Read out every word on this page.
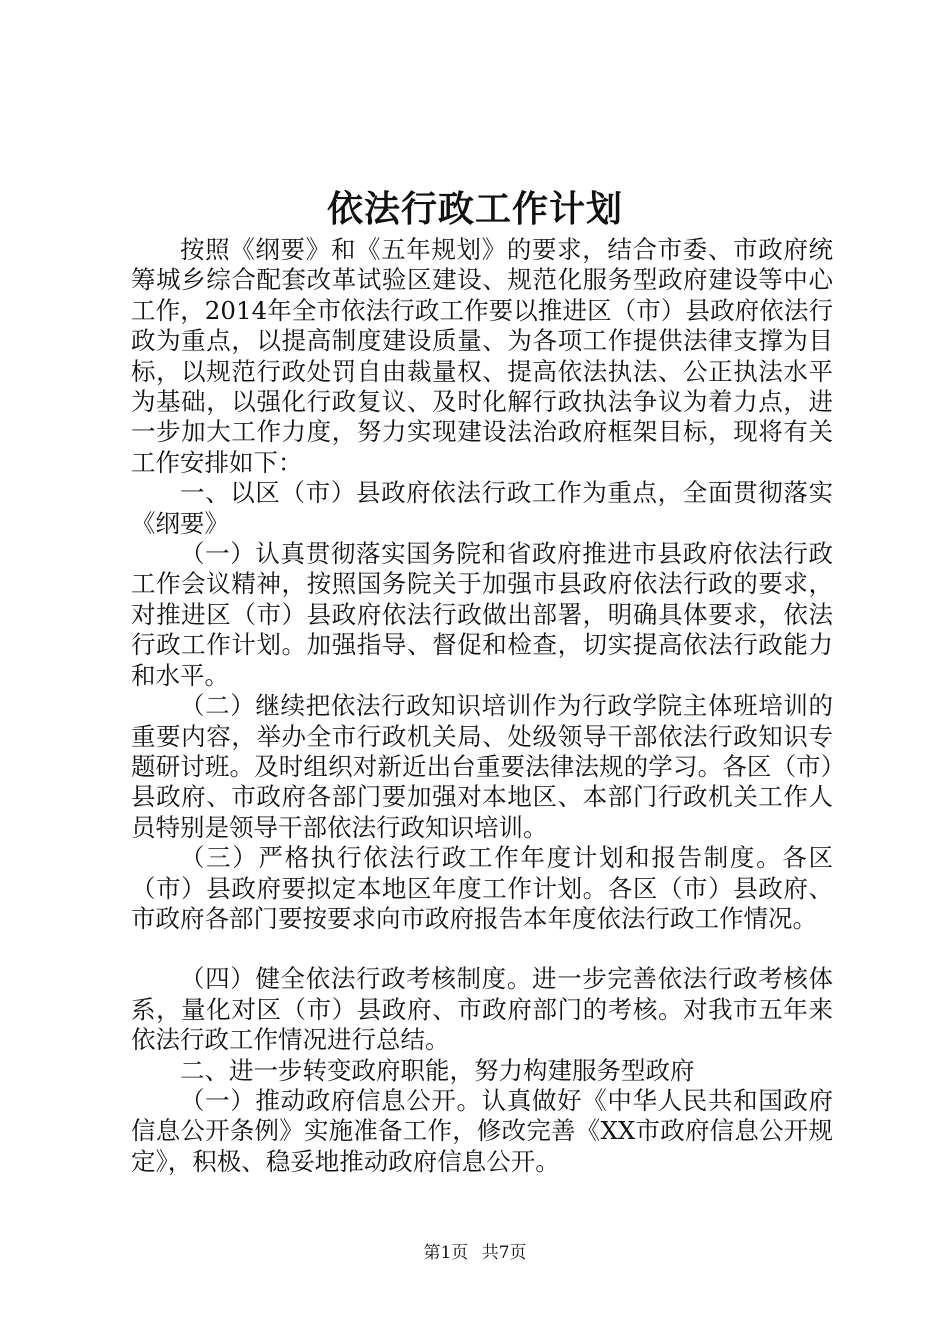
依法行政工作计划

按照《纲要》和《五年规划》的要求，结合市委、市政府统筹城乡综合配套改革试验区建设、规范化服务型政府建设等中心工作，2014年全市依法行政工作要以推进区（市）县政府依法行政为重点，以提高制度建设质量、为各项工作提供法律支撑为目标，以规范行政处罚自由裁量权、提高依法执法、公正执法水平为基础，以强化行政复议、及时化解行政执法争议为着力点，进一步加大工作力度，努力实现建设法治政府框架目标，现将有关工作安排如下：

一、以区（市）县政府依法行政工作为重点，全面贯彻落实《纲要》

（一）认真贯彻落实国务院和省政府推进市县政府依法行政工作会议精神，按照国务院关于加强市县政府依法行政的要求，对推进区（市）县政府依法行政做出部署，明确具体要求，依法行政工作计划。加强指导、督促和检查，切实提高依法行政能力和水平。

（二）继续把依法行政知识培训作为行政学院主体班培训的重要内容，举办全市行政机关局、处级领导干部依法行政知识专题研讨班。及时组织对新近出台重要法律法规的学习。各区（市）县政府、市政府各部门要加强对本地区、本部门行政机关工作人员特别是领导干部依法行政知识培训。

（三）严格执行依法行政工作年度计划和报告制度。各区（市）县政府要拟定本地区年度工作计划。各区（市）县政府、市政府各部门要按要求向市政府报告本年度依法行政工作情况。

（四）健全依法行政考核制度。进一步完善依法行政考核体系，量化对区（市）县政府、市政府部门的考核。对我市五年来依法行政工作情况进行总结。

二、进一步转变政府职能，努力构建服务型政府

（一）推动政府信息公开。认真做好《中华人民共和国政府信息公开条例》实施准备工作，修改完善《XX市政府信息公开规定》，积极、稳妥地推动政府信息公开。

第1页 共7页
